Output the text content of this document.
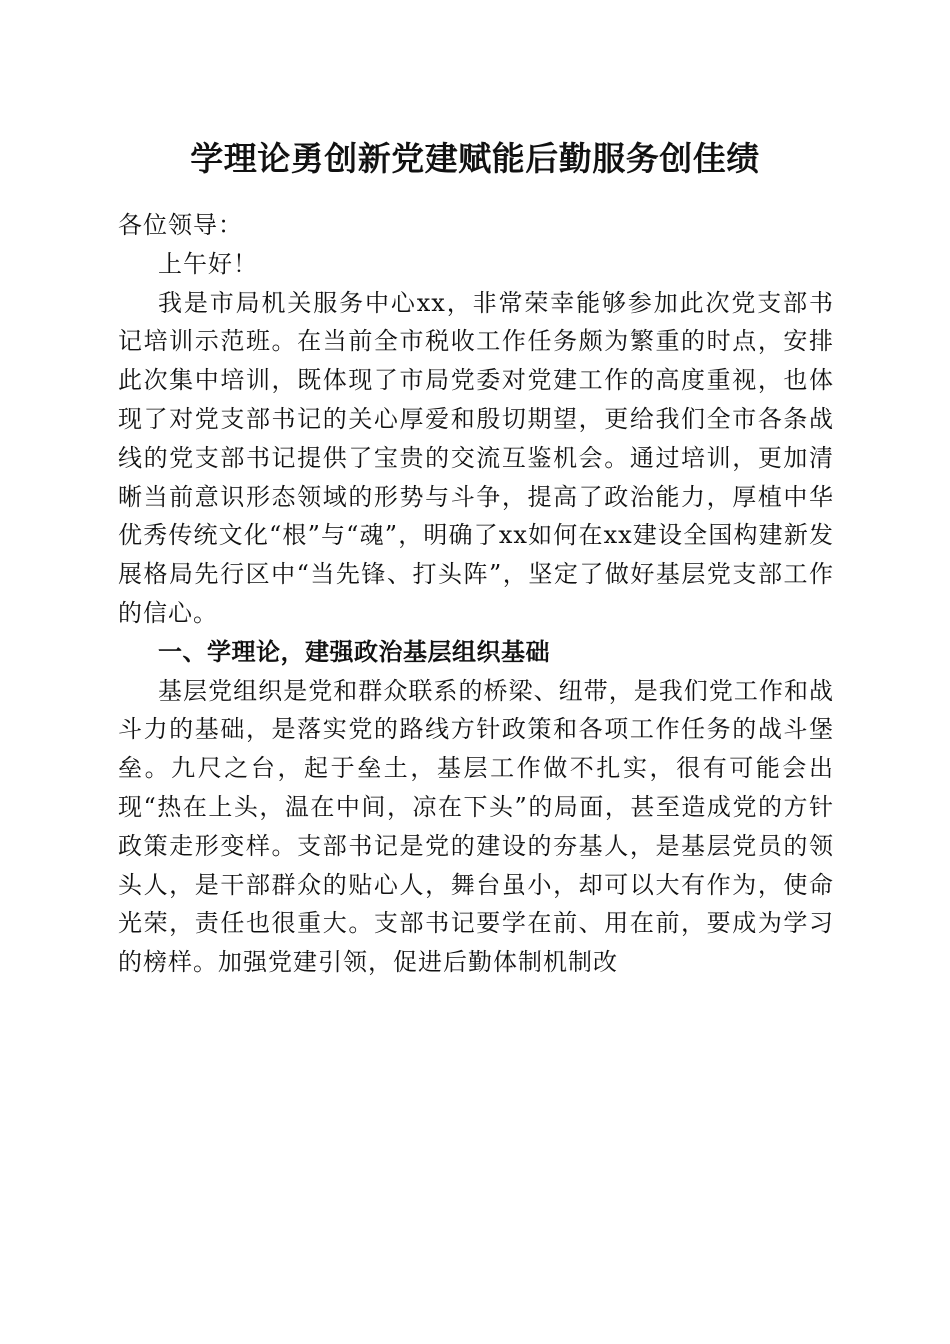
学理论勇创新党建赋能后勤服务创佳绩

各位领导：

上午好！

我是市局机关服务中心xx，非常荣幸能够参加此次党支部书记培训示范班。在当前全市税收工作任务颇为繁重的时点，安排此次集中培训，既体现了市局党委对党建工作的高度重视，也体现了对党支部书记的关心厚爱和殷切期望，更给我们全市各条战线的党支部书记提供了宝贵的交流互鉴机会。通过培训，更加清晰当前意识形态领域的形势与斗争，提高了政治能力，厚植中华优秀传统文化“根”与“魂”，明确了xx如何在xx建设全国构建新发展格局先行区中“当先锋、打头阵”，坚定了做好基层党支部工作的信心。

一、学理论，建强政治基层组织基础

基层党组织是党和群众联系的桥梁、纽带，是我们党工作和战斗力的基础，是落实党的路线方针政策和各项工作任务的战斗堡垒。九尺之台，起于垒土，基层工作做不扎实，很有可能会出现“热在上头，温在中间，凉在下头”的局面，甚至造成党的方针政策走形变样。支部书记是党的建设的夯基人，是基层党员的领头人，是干部群众的贴心人，舞台虽小，却可以大有作为，使命光荣，责任也很重大。支部书记要学在前、用在前，要成为学习的榜样。加强党建引领，促进后勤体制机制改
